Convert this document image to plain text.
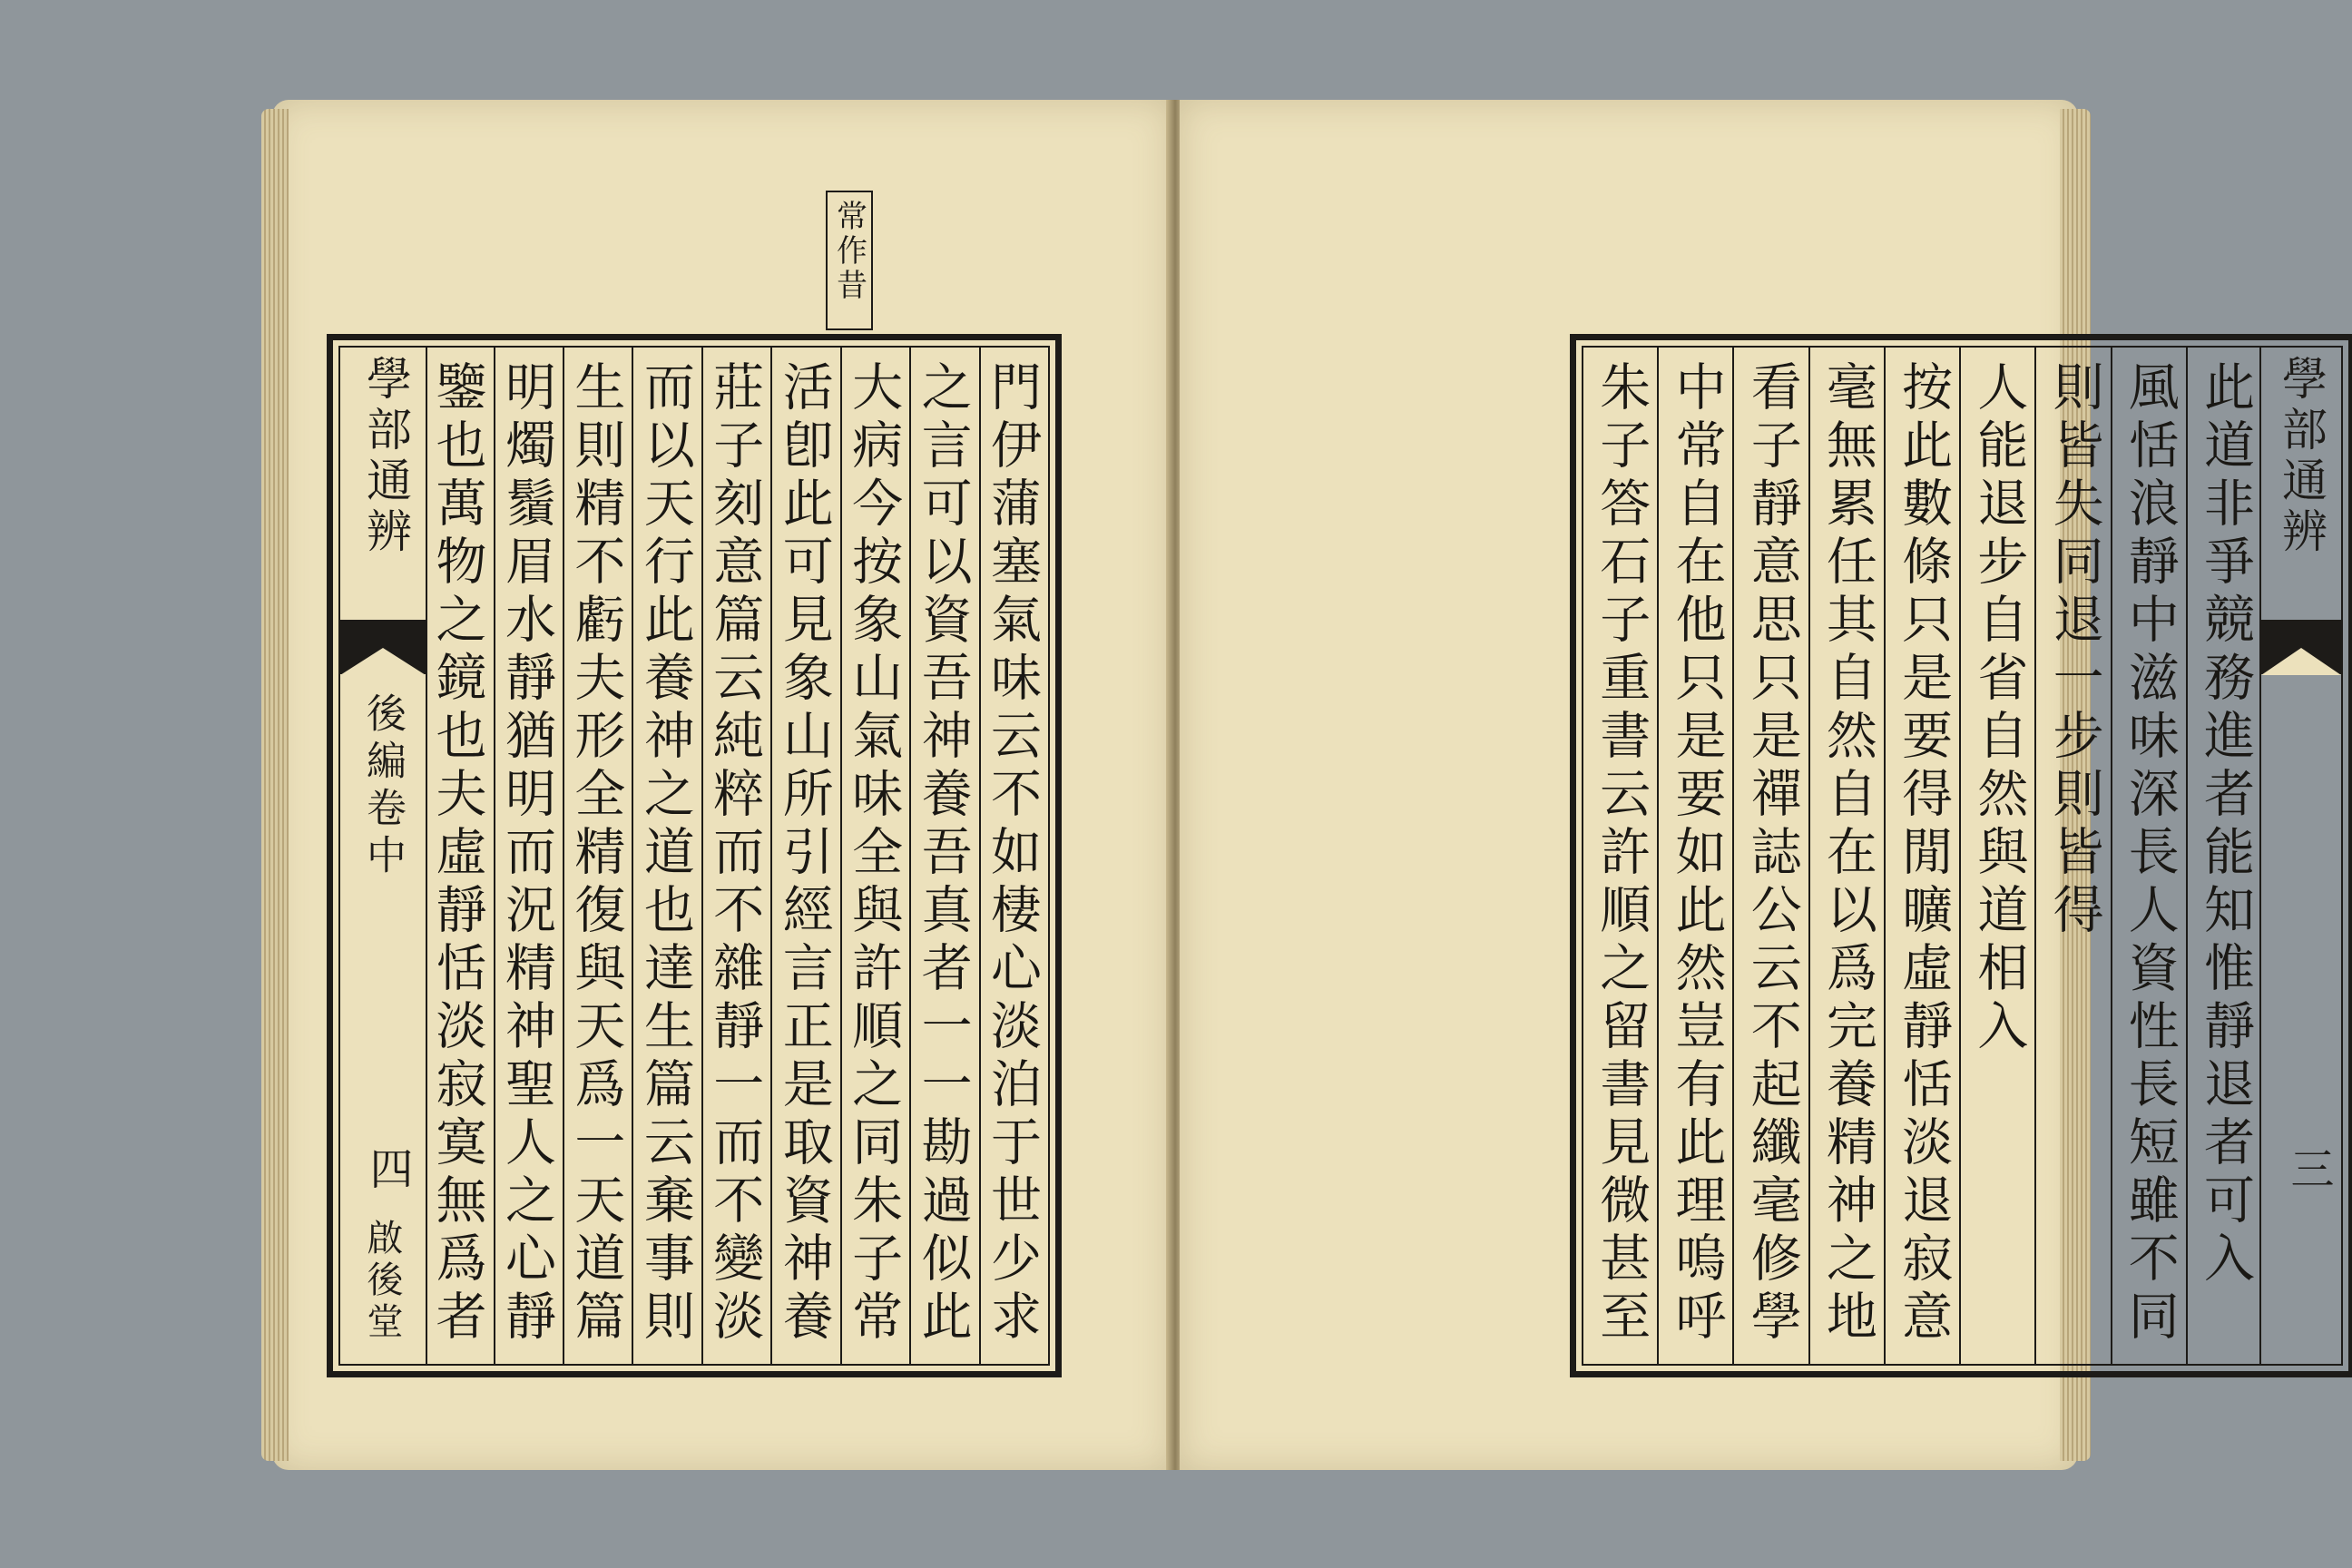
常作昔
門伊蒲塞氣味云不如棲心淡泊于世少求
之言可以資吾神養吾真者一一勘過似此
大病今按象山氣味全與許順之同朱子常
活卽此可見象山所引經言正是取資神養
莊子刻意篇云純粹而不雜靜一而不變淡
而以天行此養神之道也達生篇云棄事則
生則精不虧夫形全精復與天爲一天道篇
明燭鬚眉水靜猶明而況精神聖人之心靜
鑒也萬物之鏡也夫虛靜恬淡寂寞無爲者
學部通辨
後編卷中
四
啟後堂
學部通辨
三
此道非爭競務進者能知惟靜退者可入
風恬浪靜中滋味深長人資性長短雖不同
則皆失同退一步則皆得
人能退步自省自然與道相入
按此數條只是要得閒曠虛靜恬淡退寂意
毫無累任其自然自在以爲完養精神之地
看子靜意思只是禪誌公云不起纖毫修學
中常自在他只是要如此然豈有此理嗚呼
朱子答石子重書云許順之留書見微甚至
